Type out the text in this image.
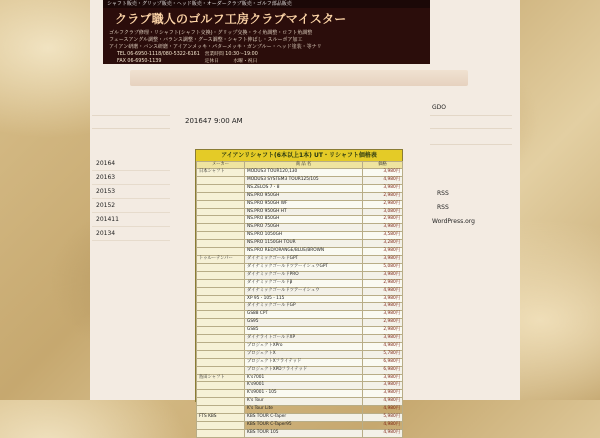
シャフト販売・グリップ販売・ヘッド販売・オーダークラブ販売・ゴルフ部品販売
クラブ職人のゴルフ工房クラブマイスター
ゴルフクラブ修理・リシャフト(シャフト交換)・グリップ交換・ライ角調整・ロフト角調整
フェースアングル調整・バランス調整・グース調整・シャフト伸ばし・スルーボア加工
アイアン研磨・バンス研磨・アイアンメッキ・パターメッキ・ガンブルー・ヘッド塗装・等ナリ
TEL 06-6950-1118/080-5322-6161　営業時間 10:30～19:00
FAX 06-6950-1139　　　　　　　　　定休日　　　水曜・祝日
201647 9:00 AM
20164
20163
20153
20152
201411
20134
GDO
RSS
RSS
WordPress.org
アイアンリシャフト(6本以上1本) UT・リシャフト価格表
メーカー	商 品 名	価格
日本シャフト	MODUS3 TOUR120,130	3,980円
	MODUS3 SYSTEM3 TOUR125/105	4,980円
	NS.ZELOS 7・8	3,980円
	NS.PRO 950GH	2,980円
	NS.PRO 950GH WF	2,980円
	NS.PRO 950GH HT	3,080円
	NS.PRO 850GH	2,980円
	NS.PRO 750GH	3,980円
	NS.PRO 1050GH	3,580円
	NS.PRO 1150GH TOUR	3,280円
	NS.PRO RED/ORANGE/BLUE/BROWN	3,980円
トゥルーテンパー	ダイナミックゴールドGPT	3,980円
	ダイナミックゴールドツアーイシュウGPT	5,080円
	ダイナミックゴールドPRO	3,980円
	ダイナミックゴールドβ	2,980円
	ダイナミックゴールドツアーイシュウ	4,980円
	XP 95・105・115	3,980円
	ダイナミックゴールドGP	3,980円
	GS88 CPT	3,980円
	GS95	2,980円
	GS85	2,980円
	ダイナライトゴールドXP	3,980円
	プロジェクトXPro	4,980円
	プロジェクトX	5,780円
	プロジェクトXフライテッド	6,980円
	プロジェクトXPDフライテッド	6,980円
島田シャフト	K's7001	3,980円
	K's9001	3,980円
	K's9001・105	3,980円
	K's Tour	4,980円
	K's Tour Lite	4,980円
FTS KBS	KBS TOUR C-Taper	5,980円
	KBS TOUR C-Taper95	4,980円
	KBS TOUR 105	4,980円
